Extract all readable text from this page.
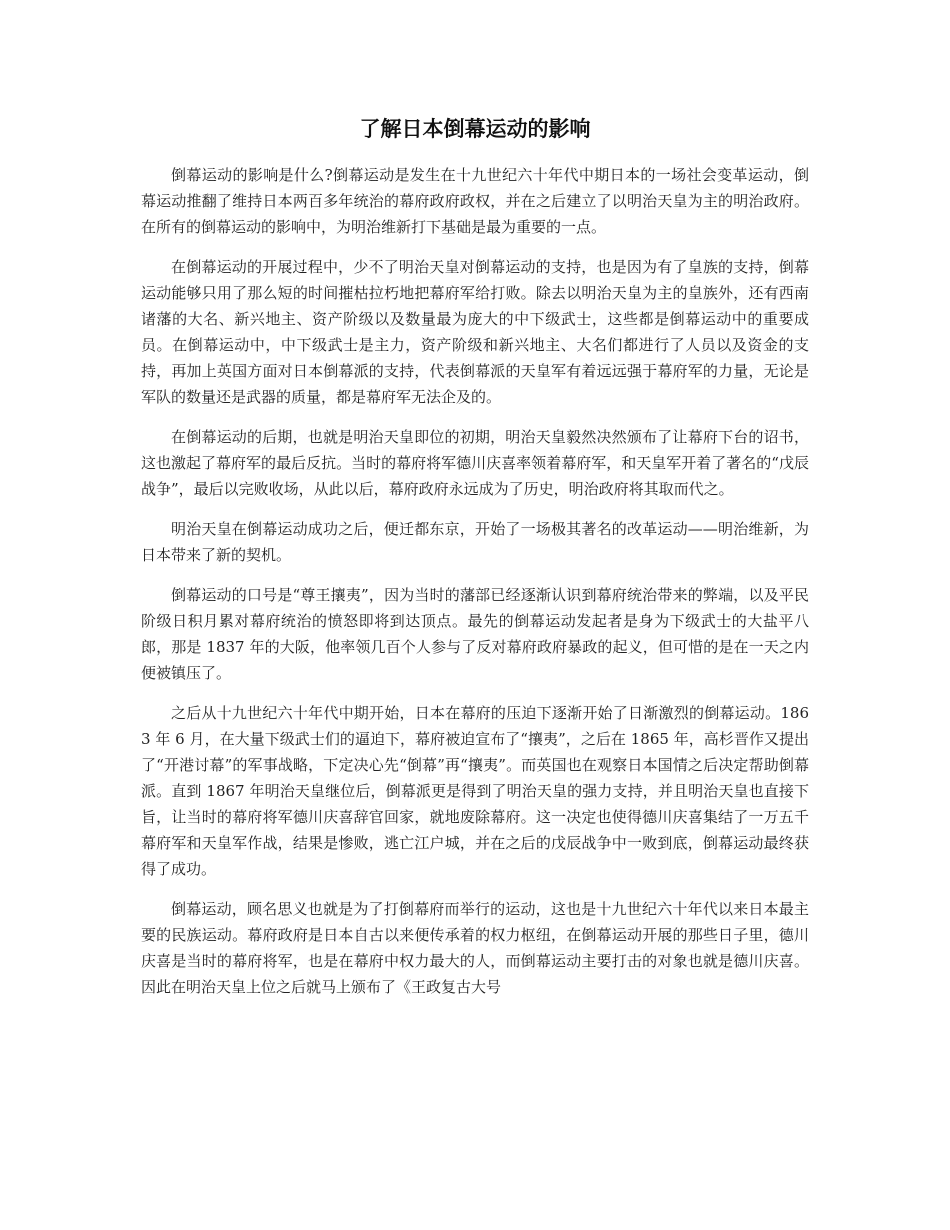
了解日本倒幕运动的影响

倒幕运动的影响是什么?倒幕运动是发生在十九世纪六十年代中期日本的一场社会变革运动，倒幕运动推翻了维持日本两百多年统治的幕府政府政权，并在之后建立了以明治天皇为主的明治政府。在所有的倒幕运动的影响中，为明治维新打下基础是最为重要的一点。

在倒幕运动的开展过程中，少不了明治天皇对倒幕运动的支持，也是因为有了皇族的支持，倒幕运动能够只用了那么短的时间摧枯拉朽地把幕府军给打败。除去以明治天皇为主的皇族外，还有西南诸藩的大名、新兴地主、资产阶级以及数量最为庞大的中下级武士，这些都是倒幕运动中的重要成员。在倒幕运动中，中下级武士是主力，资产阶级和新兴地主、大名们都进行了人员以及资金的支持，再加上英国方面对日本倒幕派的支持，代表倒幕派的天皇军有着远远强于幕府军的力量，无论是军队的数量还是武器的质量，都是幕府军无法企及的。

在倒幕运动的后期，也就是明治天皇即位的初期，明治天皇毅然决然颁布了让幕府下台的诏书，这也激起了幕府军的最后反抗。当时的幕府将军德川庆喜率领着幕府军，和天皇军开着了著名的“戊辰战争”，最后以完败收场，从此以后，幕府政府永远成为了历史，明治政府将其取而代之。

明治天皇在倒幕运动成功之后，便迁都东京，开始了一场极其著名的改革运动——明治维新，为日本带来了新的契机。

倒幕运动的口号是“尊王攘夷”，因为当时的藩部已经逐渐认识到幕府统治带来的弊端，以及平民阶级日积月累对幕府统治的愤怒即将到达顶点。最先的倒幕运动发起者是身为下级武士的大盐平八郎，那是 1837 年的大阪，他率领几百个人参与了反对幕府政府暴政的起义，但可惜的是在一天之内便被镇压了。

之后从十九世纪六十年代中期开始，日本在幕府的压迫下逐渐开始了日渐激烈的倒幕运动。1863 年 6 月，在大量下级武士们的逼迫下，幕府被迫宣布了“攘夷”，之后在 1865 年，高杉晋作又提出了“开港讨幕”的军事战略，下定决心先“倒幕”再“攘夷”。而英国也在观察日本国情之后决定帮助倒幕派。直到 1867 年明治天皇继位后，倒幕派更是得到了明治天皇的强力支持，并且明治天皇也直接下旨，让当时的幕府将军德川庆喜辞官回家，就地废除幕府。这一决定也使得德川庆喜集结了一万五千幕府军和天皇军作战，结果是惨败，逃亡江户城，并在之后的戊辰战争中一败到底，倒幕运动最终获得了成功。

倒幕运动，顾名思义也就是为了打倒幕府而举行的运动，这也是十九世纪六十年代以来日本最主要的民族运动。幕府政府是日本自古以来便传承着的权力枢纽，在倒幕运动开展的那些日子里，德川庆喜是当时的幕府将军，也是在幕府中权力最大的人，而倒幕运动主要打击的对象也就是德川庆喜。因此在明治天皇上位之后就马上颁布了《王政复古大号
